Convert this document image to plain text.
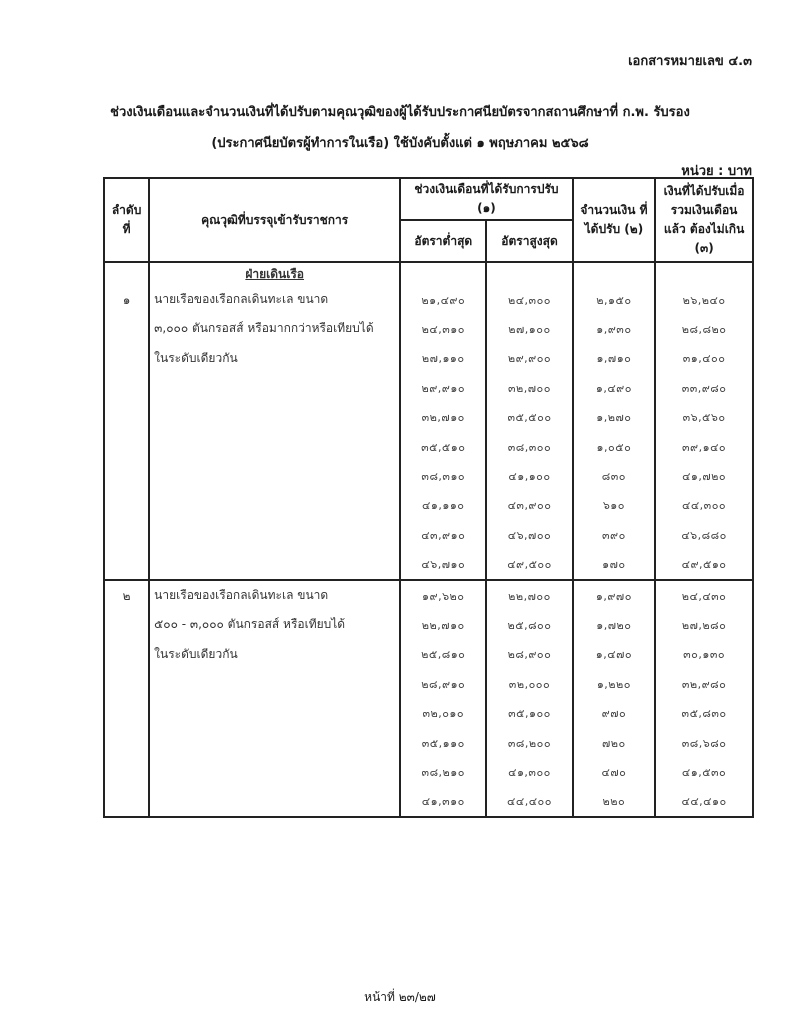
เอกสารหมายเลข ๔.๓
ช่วงเงินเดือนและจำนวนเงินที่ได้ปรับตามคุณวุฒิของผู้ได้รับประกาศนียบัตรจากสถานศึกษาที่ ก.พ. รับรอง
(ประกาศนียบัตรผู้ทำการในเรือ) ใช้บังคับตั้งแต่ ๑ พฤษภาคม ๒๕๖๘
หน่วย : บาท
ลำดับ ที่	คุณวุฒิที่บรรจุเข้ารับราชการ	ช่วงเงินเดือนที่ได้รับการปรับ (๑)		จำนวนเงิน ที่ได้ปรับ (๒)	เงินที่ได้ปรับเมื่อ รวมเงินเดือนแล้ว ต้องไม่เกิน (๓)
		อัตราต่ำสุด	อัตราสูงสุด		

	ฝ่ายเดินเรือ				

๑	นายเรือของเรือกลเดินทะเล ขนาด
๓,๐๐๐ ตันกรอสส์ หรือมากกว่าหรือเทียบได้
ในระดับเดียวกัน	๒๑,๔๙๐	๒๔,๓๐๐	๒,๑๕๐	๒๖,๒๔๐
		๒๔,๓๑๐	๒๗,๑๐๐	๑,๙๓๐	๒๘,๘๒๐
		๒๗,๑๑๐	๒๙,๙๐๐	๑,๗๑๐	๓๑,๔๐๐
		๒๙,๙๑๐	๓๒,๗๐๐	๑,๔๙๐	๓๓,๙๘๐
		๓๒,๗๑๐	๓๕,๕๐๐	๑,๒๗๐	๓๖,๕๖๐
		๓๕,๕๑๐	๓๘,๓๐๐	๑,๐๕๐	๓๙,๑๔๐
		๓๘,๓๑๐	๔๑,๑๐๐	๘๓๐	๔๑,๗๒๐
		๔๑,๑๑๐	๔๓,๙๐๐	๖๑๐	๔๔,๓๐๐
		๔๓,๙๑๐	๔๖,๗๐๐	๓๙๐	๔๖,๘๘๐
		๔๖,๗๑๐	๔๙,๕๐๐	๑๗๐	๔๙,๕๑๐
๒	นายเรือของเรือกลเดินทะเล ขนาด
๕๐๐ - ๓,๐๐๐ ตันกรอสส์ หรือเทียบได้
ในระดับเดียวกัน	๑๙,๖๒๐	๒๒,๗๐๐	๑,๙๗๐	๒๔,๔๓๐
		๒๒,๗๑๐	๒๕,๘๐๐	๑,๗๒๐	๒๗,๒๘๐
		๒๕,๘๑๐	๒๘,๙๐๐	๑,๔๗๐	๓๐,๑๓๐
		๒๘,๙๑๐	๓๒,๐๐๐	๑,๒๒๐	๓๒,๙๘๐
		๓๒,๐๑๐	๓๕,๑๐๐	๙๗๐	๓๕,๘๓๐
		๓๕,๑๑๐	๓๘,๒๐๐	๗๒๐	๓๘,๖๘๐
		๓๘,๒๑๐	๔๑,๓๐๐	๔๗๐	๔๑,๕๓๐
		๔๑,๓๑๐	๔๔,๔๐๐	๒๒๐	๔๔,๔๑๐
หน้าที่ ๒๓/๒๗
